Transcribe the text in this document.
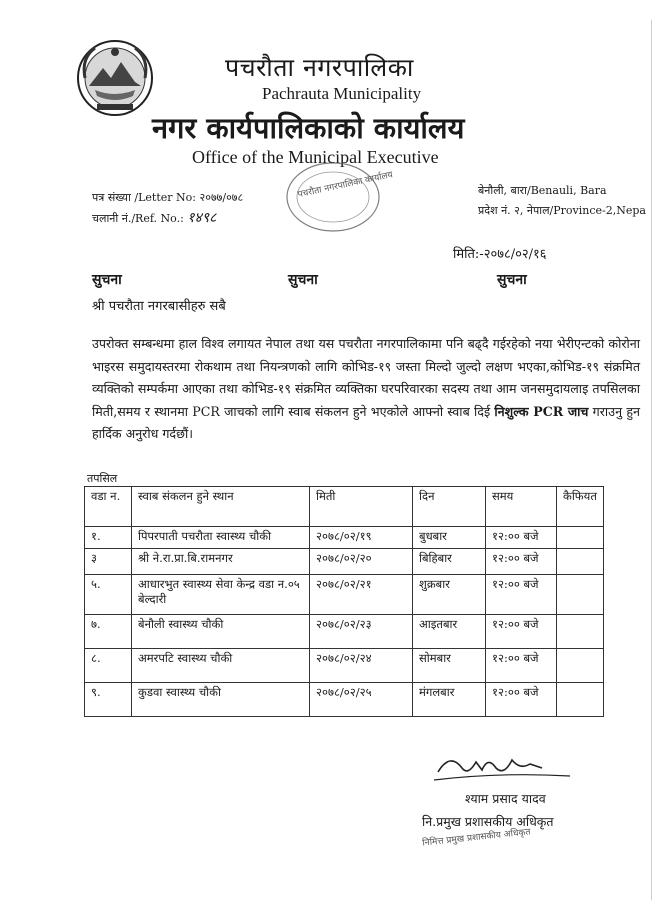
पचरौता नगरपालिका
Pachrauta Municipality
नगर कार्यपालिकाको कार्यालय
Office of the Municipal Executive
पचरौता नगरपालिका कार्यालय
पत्र संख्या /Letter No: २०७७/०७८
चलानी नं./Ref. No.: १४९८
बेनौली, बारा/Benauli, Bara
प्रदेश नं. २, नेपाल/Province-2,Nepa
मिति:-२०७८/०२/१६
सुचना	सुचना	सुचना
श्री पचरौता नगरबासीहरु सबै
उपरोक्त सम्बन्धमा हाल विश्व लगायत नेपाल तथा यस पचरौता नगरपालिकामा पनि बढ्दै गईरहेको नया भेरीएन्टको कोरोना भाइरस समुदायस्तरमा रोकथाम तथा नियन्त्रणको लागि कोभिड-१९ जस्ता मिल्दो जुल्दो लक्षण भएका,कोभिड-१९ संक्रमित व्यक्तिको सम्पर्कमा आएका तथा कोभिड-१९ संक्रमित व्यक्तिका घरपरिवारका सदस्य तथा आम जनसमुदायलाइ तपसिलका मिती,समय र स्थानमा PCR जाचको लागि स्वाब संकलन हुने भएकोले आफ्नो स्वाब दिई निशुल्क PCR जाच गराउनु हुन हार्दिक अनुरोध गर्दछौं।
तपसिल
वडा न.	स्वाब संकलन हुने स्थान	मिती	दिन	समय	कैफियत
१.	पिपरपाती पचरौता स्वास्थ्य चौकी	२०७८/०२/१९	बुधबार	१२:०० बजे	
३	श्री ने.रा.प्रा.बि.रामनगर	२०७८/०२/२०	बिहिबार	१२:०० बजे	
५.	आधारभुत स्वास्थ्य सेवा केन्द्र वडा न.०५ बेल्दारी	२०७८/०२/२१	शुक्रबार	१२:०० बजे	
७.	बेनौली स्वास्थ्य चौकी	२०७८/०२/२३	आइतबार	१२:०० बजे	
८.	अमरपटि स्वास्थ्य चौकी	२०७८/०२/२४	सोमबार	१२:०० बजे	
९.	कुडवा स्वास्थ्य चौकी	२०७८/०२/२५	मंगलबार	१२:०० बजे	
श्याम प्रसाद यादव
नि.प्रमुख प्रशासकीय अधिकृत
निमित्त प्रमुख प्रशासकीय अधिकृत
